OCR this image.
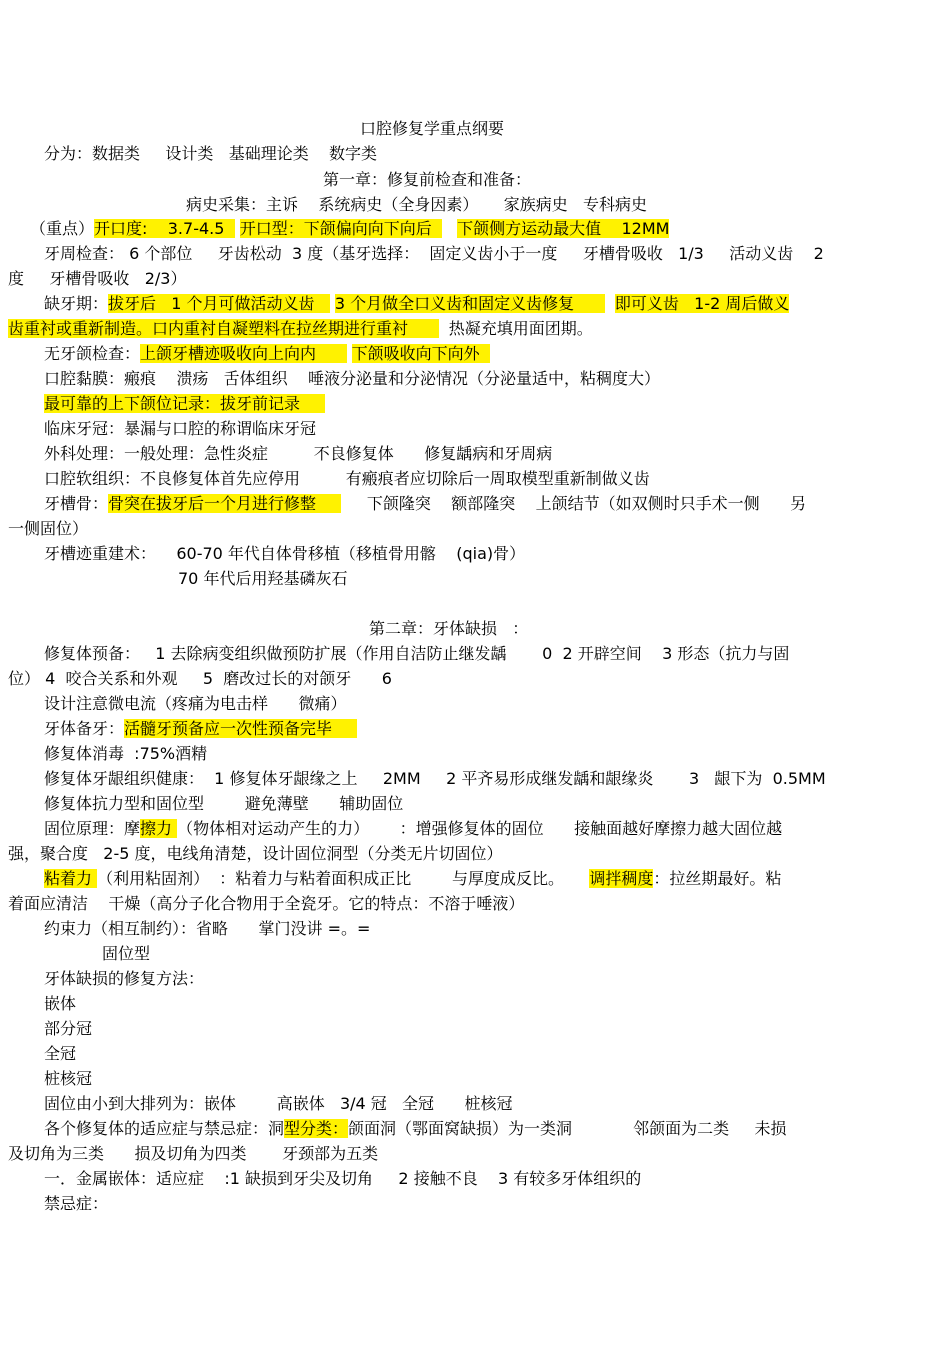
口腔修复学重点纲要
分为：数据类     设计类   基础理论类    数字类
第一章：修复前检查和准备：
病史采集：主诉    系统病史（全身因素）     家族病史   专科病史
（重点）开口度:    3.7-4.5   开口型：下颌偏向向下向后     下颌侧方运动最大值    12MM
牙周检查： 6 个部位     牙齿松动  3 度（基牙选择：  固定义齿小于一度     牙槽骨吸收   1/3     活动义齿    2
度     牙槽骨吸收   2/3）
缺牙期：拔牙后   1 个月可做活动义齿    3 个月做全口义齿和固定义齿修复        即可义齿   1-2 周后做义
齿重衬或重新制造。口内重衬自凝塑料在拉丝期进行重衬        热凝充填用面团期。
无牙颌检查：上颌牙槽迹吸收向上向内       下颌吸收向下向外
口腔黏膜：瘢痕    溃疡   舌体组织    唾液分泌量和分泌情况（分泌量适中，粘稠度大）
最可靠的上下颌位记录：拔牙前记录
临床牙冠：暴漏与口腔的称谓临床牙冠
外科处理：一般处理：急性炎症         不良修复体      修复龋病和牙周病
口腔软组织：不良修复体首先应停用         有瘢痕者应切除后一周取模型重新制做义齿
牙槽骨：骨突在拔牙后一个月进行修整          下颌隆突    额部隆突    上颌结节（如双侧时只手术一侧      另
一侧固位）
牙槽迹重建术：    60-70 年代自体骨移植（移植骨用髂    (qia)骨）
70 年代后用羟基磷灰石
第二章：牙体缺损   ：
修复体预备：   1 去除病变组织做预防扩展（作用自洁防止继发龋       0  2 开辟空间    3 形态（抗力与固
位） 4  咬合关系和外观     5  磨改过长的对颌牙      6
设计注意微电流（疼痛为电击样      微痛）
牙体备牙：活髓牙预备应一次性预备完毕
修复体消毒  :75%酒精
修复体牙龈组织健康：  1 修复体牙龈缘之上     2MM     2 平齐易形成继发龋和龈缘炎       3   龈下为  0.5MM
修复体抗力型和固位型        避免薄壁      辅助固位
固位原理：摩擦力 （物体相对运动产生的力）      ：增强修复体的固位      接触面越好摩擦力越大固位越
强，聚合度   2-5 度，电线角清楚，设计固位洞型（分类无片切固位）
粘着力 （利用粘固剂）  ：粘着力与粘着面积成正比        与厚度成反比。     调拌稠度：拉丝期最好。粘
着面应清洁    干燥（高分子化合物用于全瓷牙。它的特点：不溶于唾液）
约束力（相互制约）：省略      掌门没讲 =。=
固位型
牙体缺损的修复方法：
嵌体
部分冠
全冠
桩核冠
固位由小到大排列为：嵌体        高嵌体   3/4 冠   全冠      桩核冠
各个修复体的适应症与禁忌症：洞型分类：颌面洞（鄂面窝缺损）为一类洞            邻颌面为二类     未损
及切角为三类      损及切角为四类       牙颈部为五类
一．金属嵌体：适应症    :1 缺损到牙尖及切角     2 接触不良    3 有较多牙体组织的
禁忌症：
